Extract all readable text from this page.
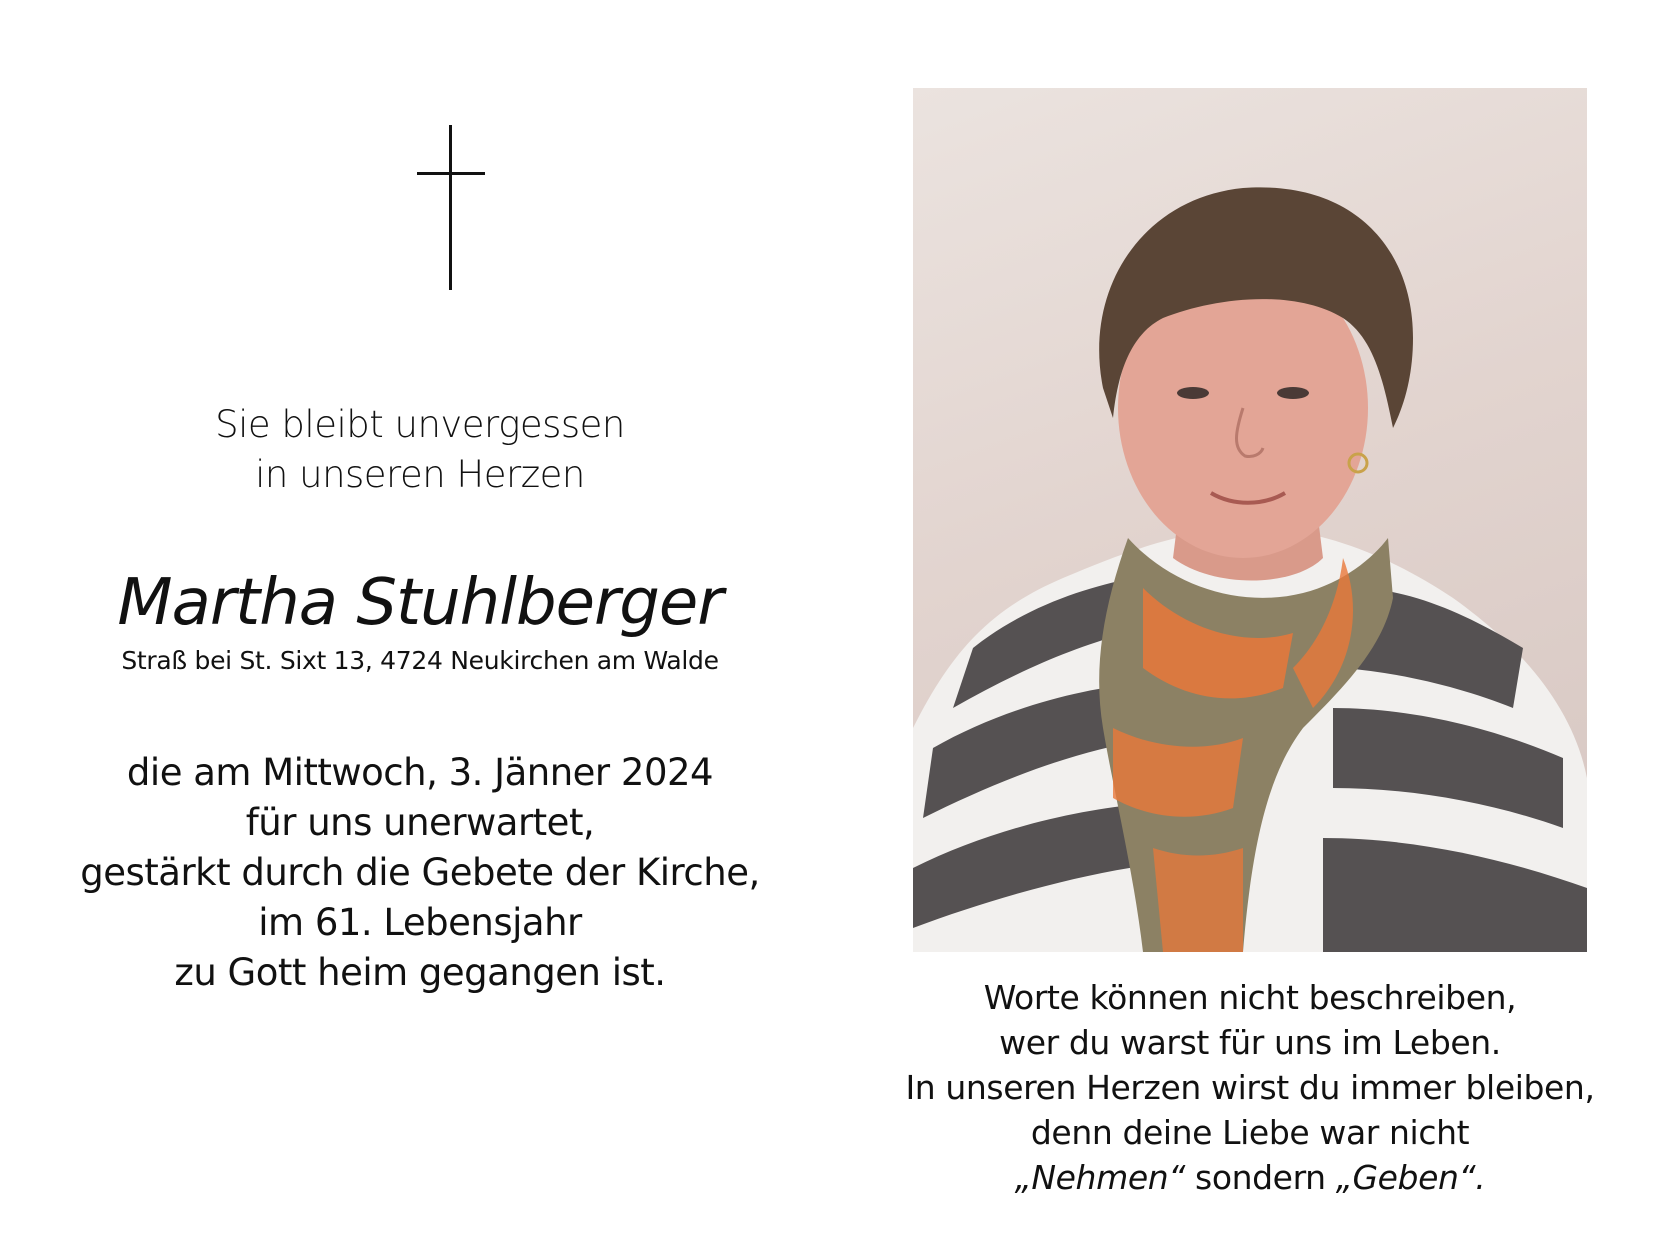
Sie bleibt unvergessen
in unseren Herzen
Martha Stuhlberger
Straß bei St. Sixt 13, 4724 Neukirchen am Walde
die am Mittwoch, 3. Jänner 2024
für uns unerwartet,
gestärkt durch die Gebete der Kirche,
im 61. Lebensjahr
zu Gott heim gegangen ist.
Worte können nicht beschreiben,
wer du warst für uns im Leben.
In unseren Herzen wirst du immer bleiben,
denn deine Liebe war nicht
„Nehmen“ sondern „Geben“.
